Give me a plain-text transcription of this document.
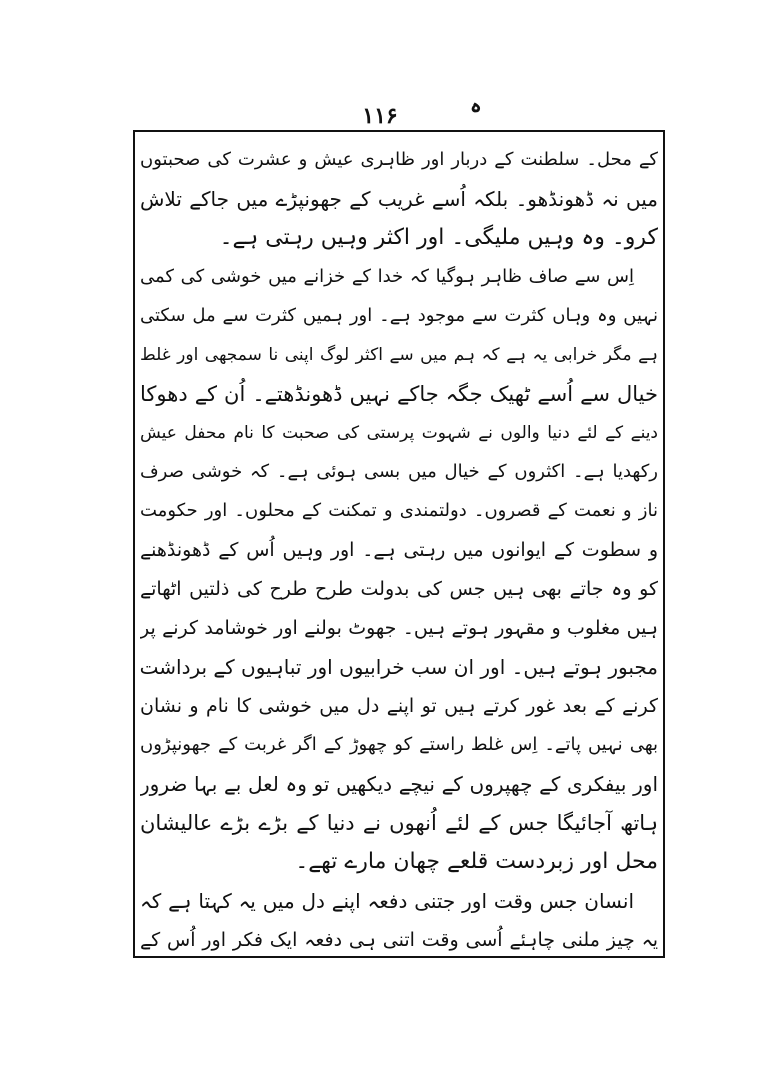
ہ
۱۱۶
کے محل۔ سلطنت کے دربار اور ظاہری عیش و عشرت کی صحبتوں
میں نہ ڈھونڈھو۔ بلکہ اُسے غریب کے جھونپڑے میں جاکے تلاش
کرو۔ وہ وہیں ملیگی۔ اور اکثر وہیں رہتی ہے۔
اِس سے صاف ظاہر ہوگیا کہ خدا کے خزانے میں خوشی کی کمی
نہیں وہ وہاں کثرت سے موجود ہے۔ اور ہمیں کثرت سے مل سکتی
ہے مگر خرابی یہ ہے کہ ہم میں سے اکثر لوگ اپنی نا سمجھی اور غلط
خیال سے اُسے ٹھیک جگہ جاکے نہیں ڈھونڈھتے۔ اُن کے دھوکا
دینے کے لئے دنیا والوں نے شہوت پرستی کی صحبت کا نام محفل عیش
رکھدیا ہے۔ اکثروں کے خیال میں بسی ہوئی ہے۔ کہ خوشی صرف
ناز و نعمت کے قصروں۔ دولتمندی و تمکنت کے محلوں۔ اور حکومت
و سطوت کے ایوانوں میں رہتی ہے۔ اور وہیں اُس کے ڈھونڈھنے
کو وہ جاتے بھی ہیں جس کی بدولت طرح طرح کی ذلتیں اٹھاتے
ہیں مغلوب و مقہور ہوتے ہیں۔ جھوٹ بولنے اور خوشامد کرنے پر
مجبور ہوتے ہیں۔ اور ان سب خرابیوں اور تباہیوں کے برداشت
کرنے کے بعد غور کرتے ہیں تو اپنے دل میں خوشی کا نام و نشان
بھی نہیں پاتے۔ اِس غلط راستے کو چھوڑ کے اگر غربت کے جھونپڑوں
اور بیفکری کے چھپروں کے نیچے دیکھیں تو وہ لعل بے بہا ضرور
ہاتھ آجائیگا جس کے لئے اُنھوں نے دنیا کے بڑے بڑے عالیشان
محل اور زبردست قلعے چھان مارے تھے۔
انسان جس وقت اور جتنی دفعہ اپنے دل میں یہ کہتا ہے کہ
یہ چیز ملنی چاہئے اُسی وقت اتنی ہی دفعہ ایک فکر اور اُس کے
